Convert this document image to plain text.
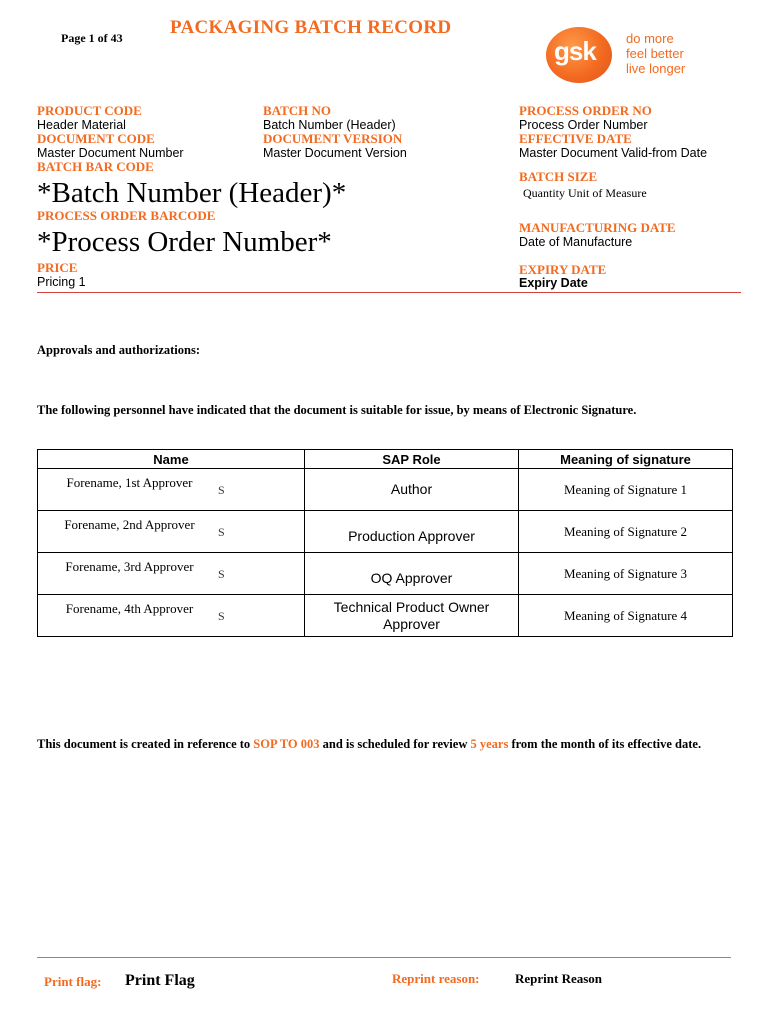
Page 1 of 43 PACKAGING BATCH RECORD
gsk do more
feel better
live longer
PRODUCT CODE
Header Material
DOCUMENT CODE
Master Document Number
BATCH BAR CODE
*Batch Number (Header)*
PROCESS ORDER BARCODE
*Process Order Number*
PRICE
Pricing 1
BATCH NO
Batch Number (Header)
DOCUMENT VERSION
Master Document Version
PROCESS ORDER NO
Process Order Number
EFFECTIVE DATE
Master Document Valid-from Date
BATCH SIZE
Quantity Unit of Measure
MANUFACTURING DATE
Date of Manufacture
EXPIRY DATE
Expiry Date
Approvals and authorizations:
The following personnel have indicated that the document is suitable for issue, by means of Electronic Signature.
Name	SAP Role	Meaning of signature

Forename, 1st Approver S	Author	Meaning of Signature 1

Forename, 2nd Approver S	Production Approver	Meaning of Signature 2

Forename, 3rd Approver S	OQ Approver	Meaning of Signature 3

Forename, 4th Approver S	Technical Product Owner Approver	Meaning of Signature 4
This document is created in reference to SOP TO 003 and is scheduled for review 5 years from the month of its effective date.
Print flag: Print Flag	Reprint reason:	Reprint Reason
